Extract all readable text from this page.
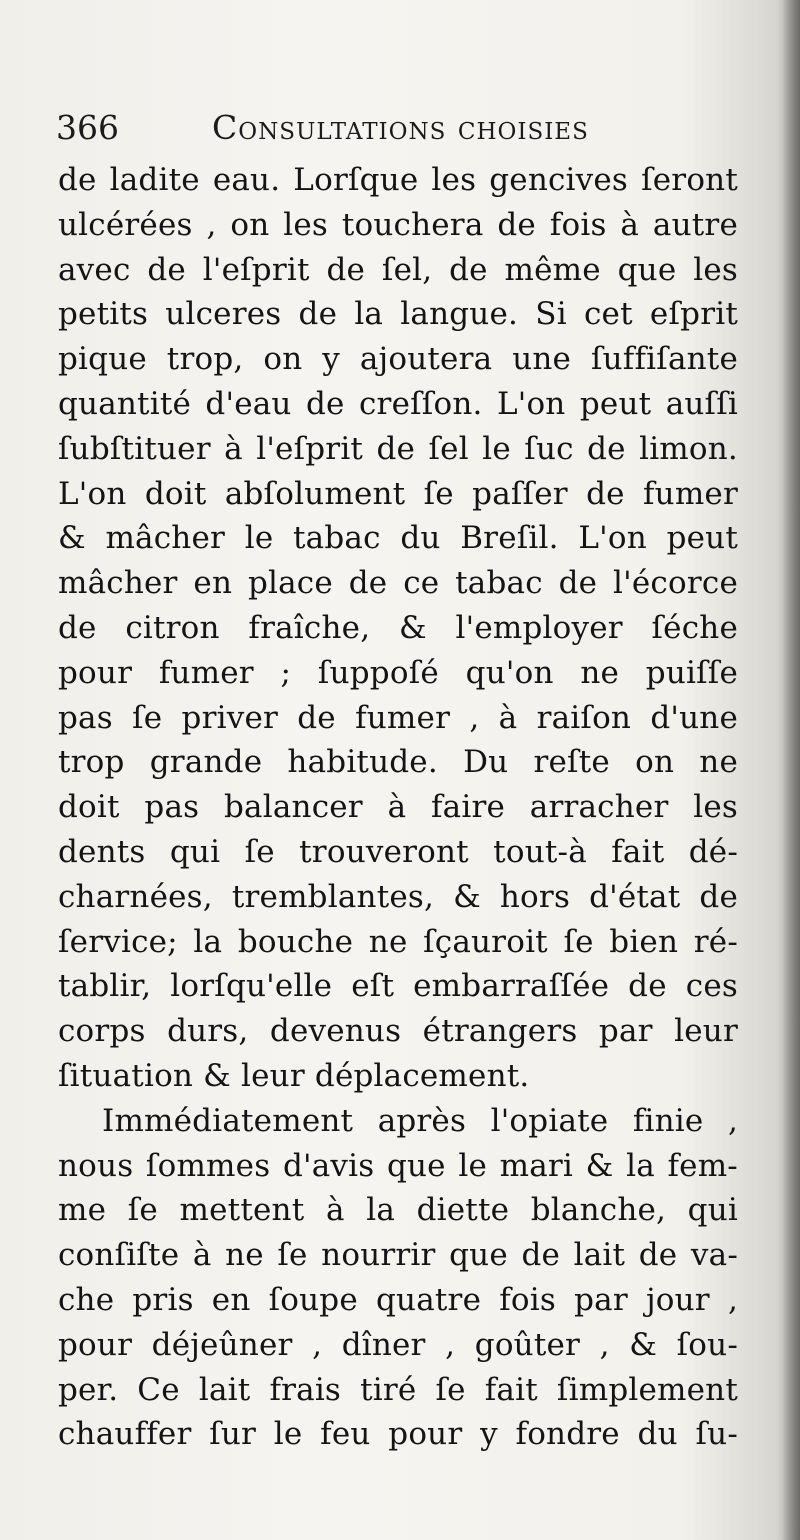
366	Consultations choisies
de ladite eau. Lorſque les gencives ſeront
ulcérées , on les touchera de fois à autre
avec de l'eſprit de ſel, de même que les
petits ulceres de la langue. Si cet eſprit
pique trop, on y ajoutera une ſuffiſante
quantité d'eau de creſſon. L'on peut auſſi
ſubſtituer à l'eſprit de ſel le ſuc de limon.
L'on doit abſolument ſe paſſer de fumer
& mâcher le tabac du Breſil. L'on peut
mâcher en place de ce tabac de l'écorce
de citron fraîche, & l'employer ſéche
pour fumer ; ſuppoſé qu'on ne puiſſe
pas ſe priver de fumer , à raiſon d'une
trop grande habitude. Du reſte on ne
doit pas balancer à faire arracher les
dents qui ſe trouveront tout-à fait dé-
charnées, tremblantes, & hors d'état de
ſervice; la bouche ne ſçauroit ſe bien ré-
tablir, lorſqu'elle eſt embarraſſée de ces
corps durs, devenus étrangers par leur
ſituation & leur déplacement.
Immédiatement après l'opiate finie ,
nous ſommes d'avis que le mari & la fem-
me ſe mettent à la diette blanche, qui
conſiſte à ne ſe nourrir que de lait de va-
che pris en ſoupe quatre fois par jour ,
pour déjeûner , dîner , goûter , & ſou-
per. Ce lait frais tiré ſe fait ſimplement
chauffer ſur le feu pour y fondre du ſu-
